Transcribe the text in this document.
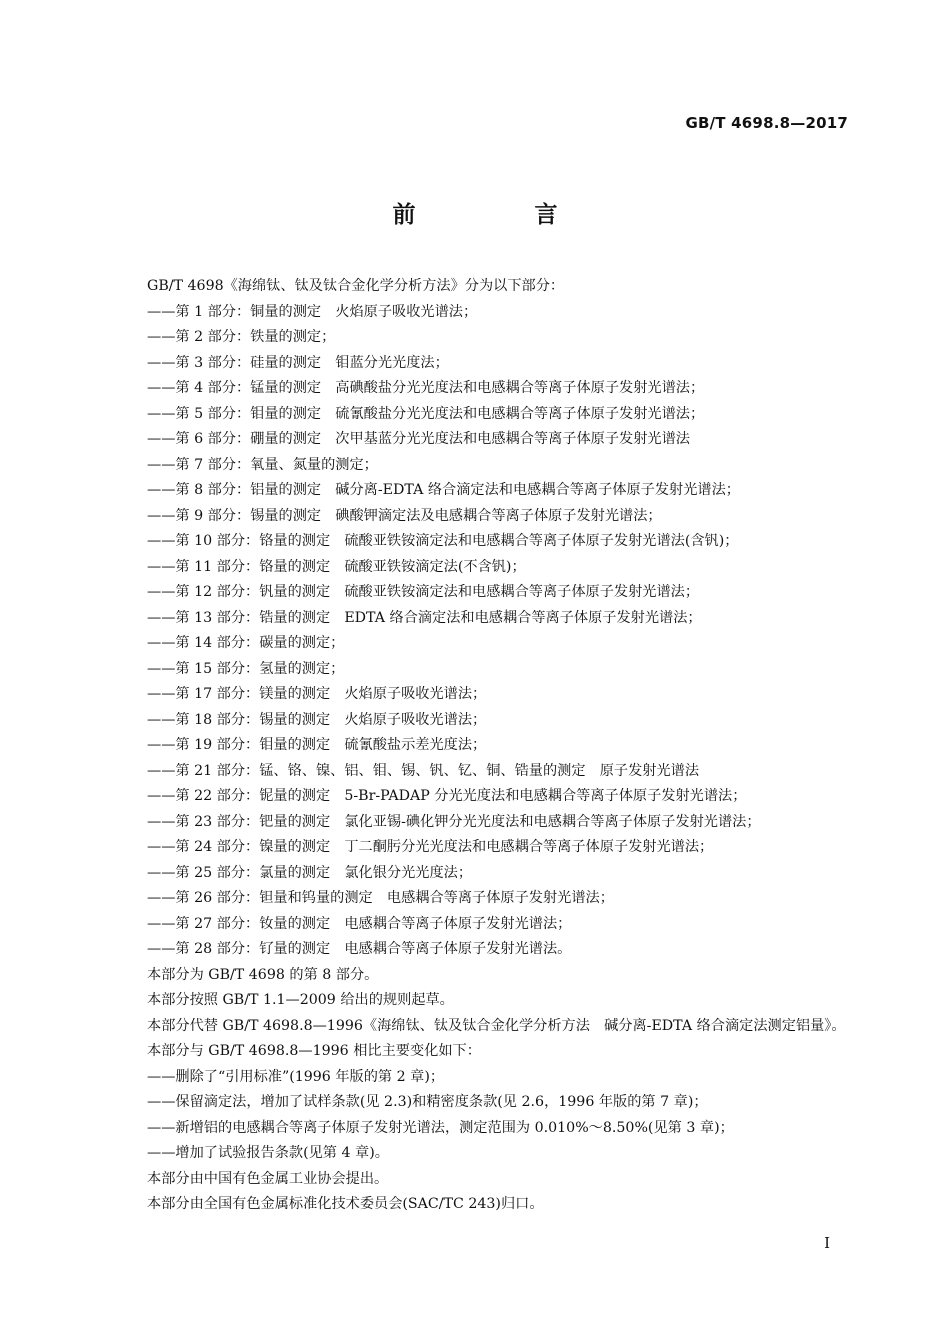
GB/T 4698.8—2017
前　言
GB/T 4698《海绵钛、钛及钛合金化学分析方法》分为以下部分：
——第 1 部分：铜量的测定　火焰原子吸收光谱法；
——第 2 部分：铁量的测定；
——第 3 部分：硅量的测定　钼蓝分光光度法；
——第 4 部分：锰量的测定　高碘酸盐分光光度法和电感耦合等离子体原子发射光谱法；
——第 5 部分：钼量的测定　硫氰酸盐分光光度法和电感耦合等离子体原子发射光谱法；
——第 6 部分：硼量的测定　次甲基蓝分光光度法和电感耦合等离子体原子发射光谱法
——第 7 部分：氧量、氮量的测定；
——第 8 部分：铝量的测定　碱分离-EDTA 络合滴定法和电感耦合等离子体原子发射光谱法；
——第 9 部分：锡量的测定　碘酸钾滴定法及电感耦合等离子体原子发射光谱法；
——第 10 部分：铬量的测定　硫酸亚铁铵滴定法和电感耦合等离子体原子发射光谱法(含钒)；
——第 11 部分：铬量的测定　硫酸亚铁铵滴定法(不含钒)；
——第 12 部分：钒量的测定　硫酸亚铁铵滴定法和电感耦合等离子体原子发射光谱法；
——第 13 部分：锆量的测定　EDTA 络合滴定法和电感耦合等离子体原子发射光谱法；
——第 14 部分：碳量的测定；
——第 15 部分：氢量的测定；
——第 17 部分：镁量的测定　火焰原子吸收光谱法；
——第 18 部分：锡量的测定　火焰原子吸收光谱法；
——第 19 部分：钼量的测定　硫氰酸盐示差光度法；
——第 21 部分：锰、铬、镍、铝、钼、锡、钒、钇、铜、锆量的测定　原子发射光谱法
——第 22 部分：铌量的测定　5-Br-PADAP 分光光度法和电感耦合等离子体原子发射光谱法；
——第 23 部分：钯量的测定　氯化亚锡-碘化钾分光光度法和电感耦合等离子体原子发射光谱法；
——第 24 部分：镍量的测定　丁二酮肟分光光度法和电感耦合等离子体原子发射光谱法；
——第 25 部分：氯量的测定　氯化银分光光度法；
——第 26 部分：钽量和钨量的测定　电感耦合等离子体原子发射光谱法；
——第 27 部分：钕量的测定　电感耦合等离子体原子发射光谱法；
——第 28 部分：钌量的测定　电感耦合等离子体原子发射光谱法。
本部分为 GB/T 4698 的第 8 部分。
本部分按照 GB/T 1.1—2009 给出的规则起草。
本部分代替 GB/T 4698.8—1996《海绵钛、钛及钛合金化学分析方法　碱分离-EDTA 络合滴定法测定铝量》。
本部分与 GB/T 4698.8—1996 相比主要变化如下：
——删除了“引用标准”(1996 年版的第 2 章)；
——保留滴定法，增加了试样条款(见 2.3)和精密度条款(见 2.6，1996 年版的第 7 章)；
——新增铝的电感耦合等离子体原子发射光谱法，测定范围为 0.010%～8.50%(见第 3 章)；
——增加了试验报告条款(见第 4 章)。
本部分由中国有色金属工业协会提出。
本部分由全国有色金属标准化技术委员会(SAC/TC 243)归口。
Ⅰ
